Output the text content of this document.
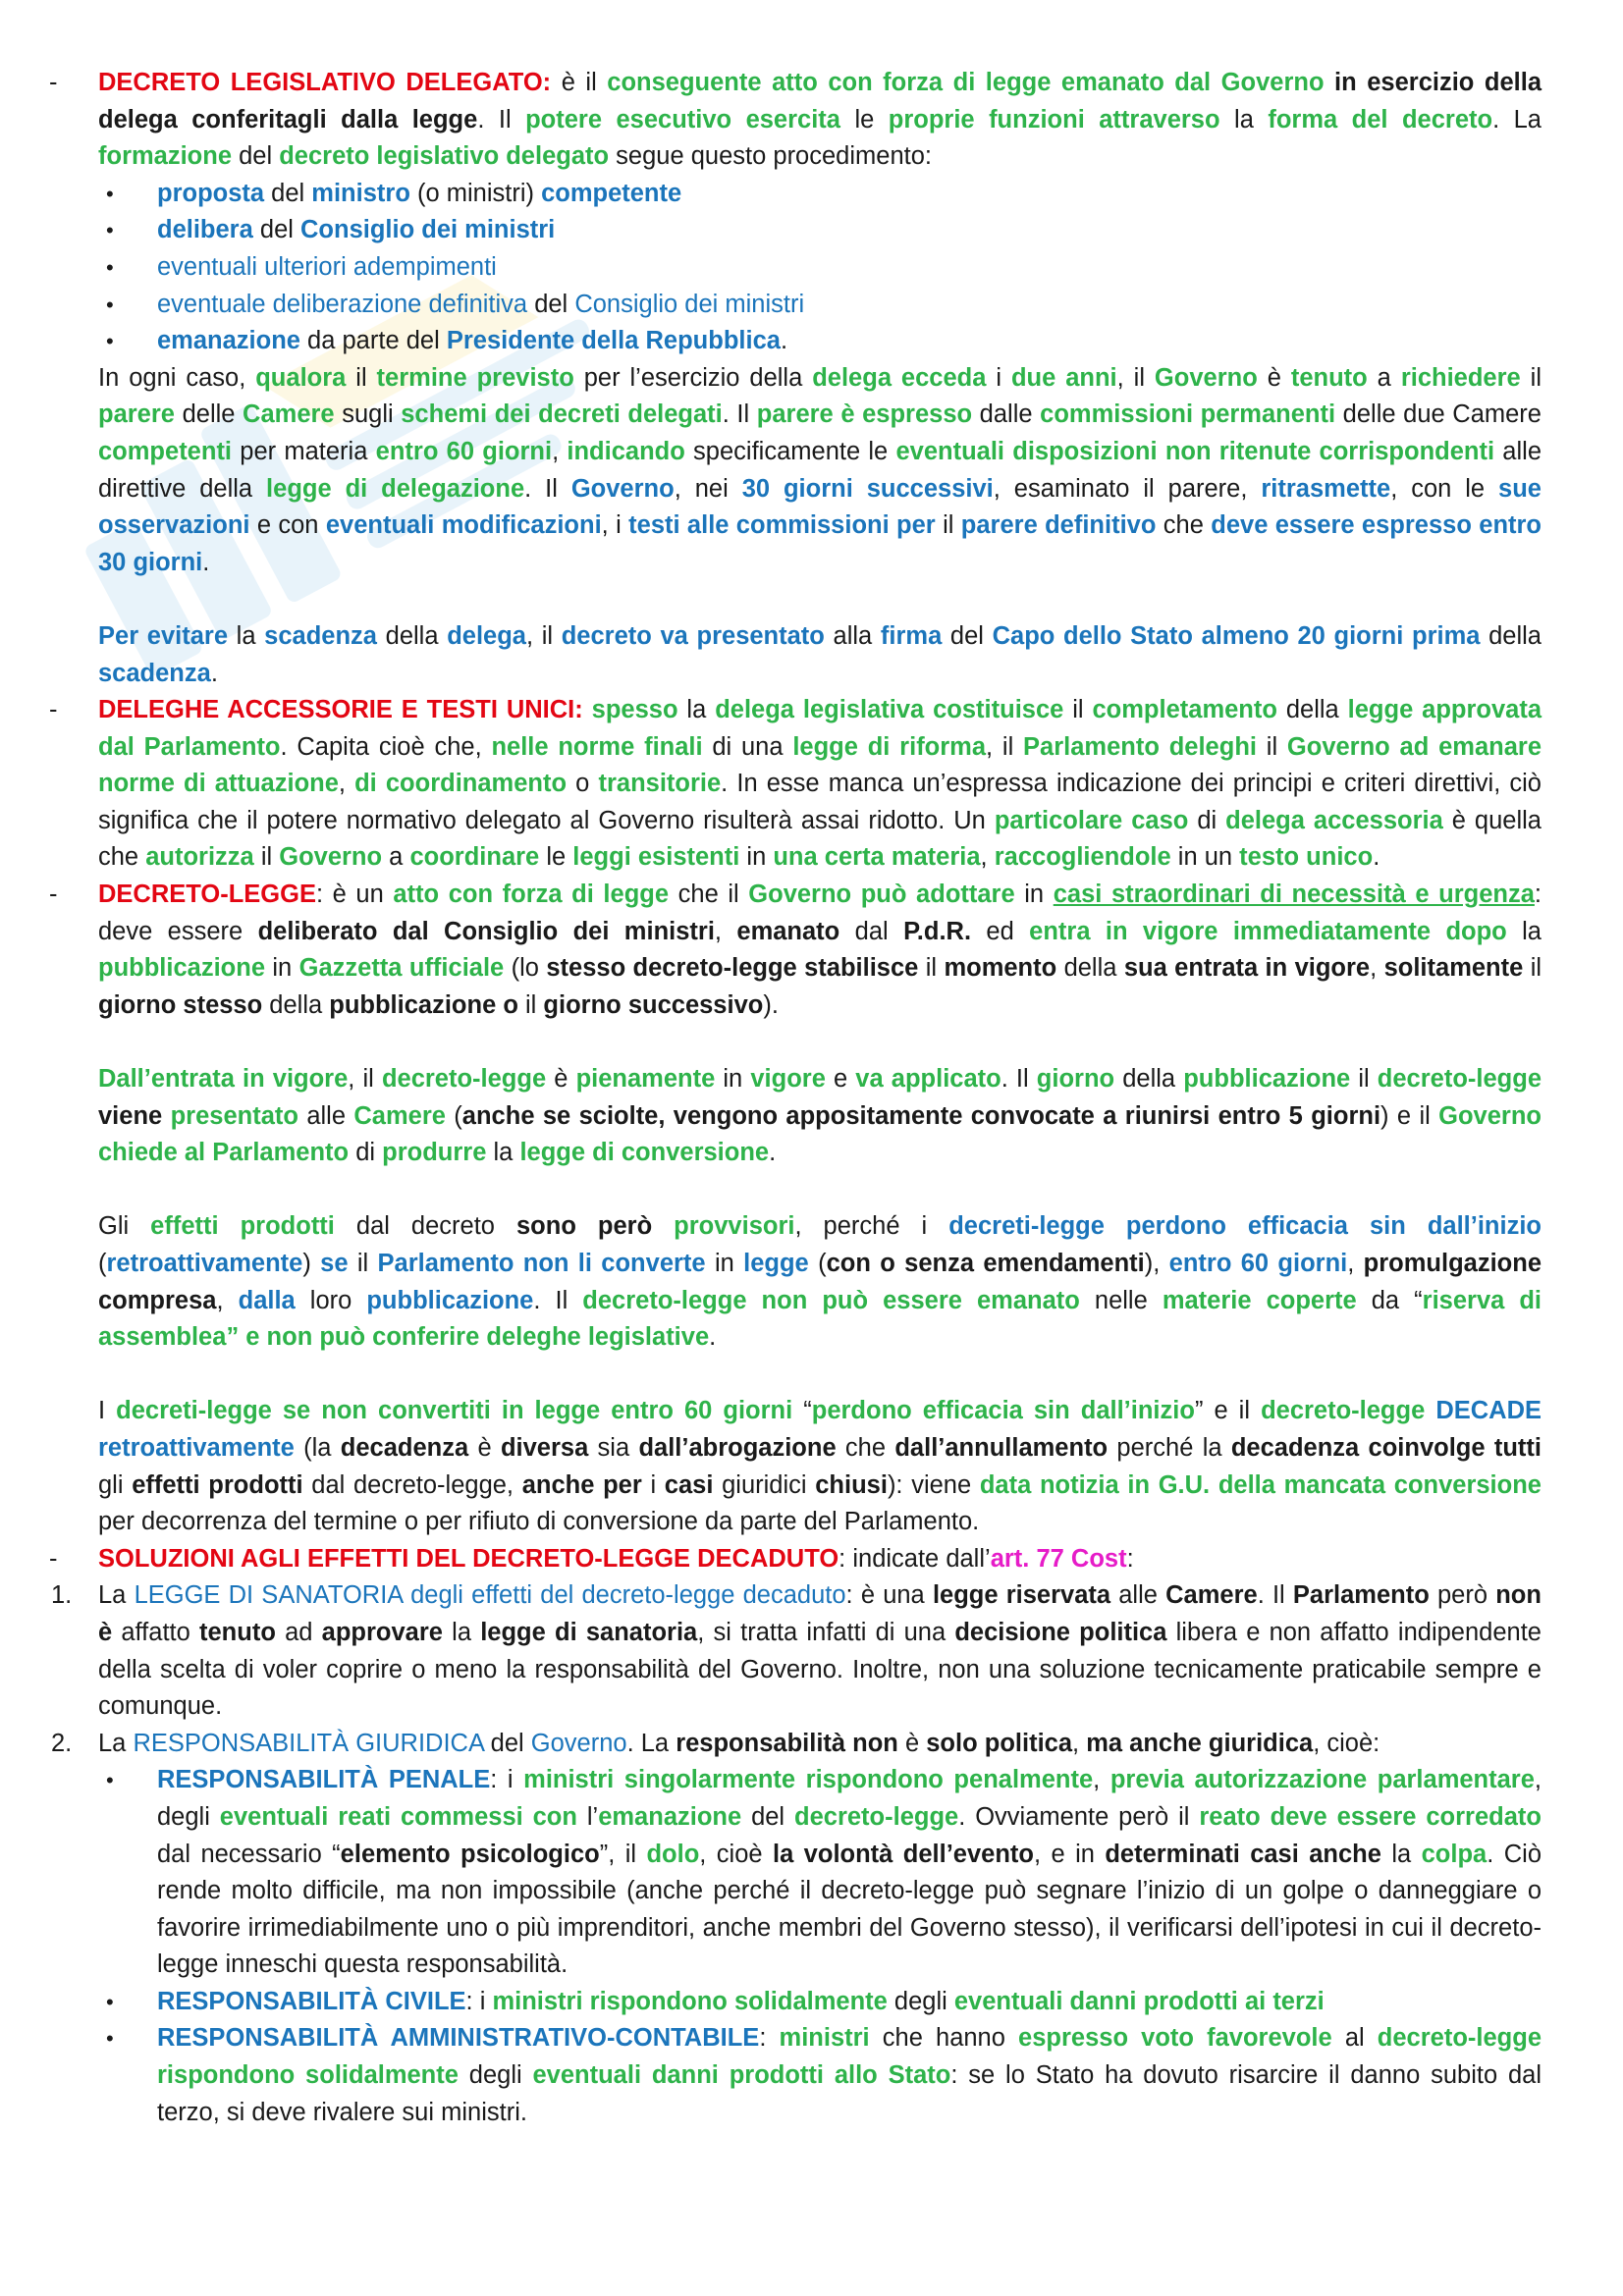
- DECRETO LEGISLATIVO DELEGATO: è il conseguente atto con forza di legge emanato dal Governo in esercizio della delega conferitagli dalla legge. Il potere esecutivo esercita le proprie funzioni attraverso la forma del decreto. La formazione del decreto legislativo delegato segue questo procedimento:
• proposta del ministro (o ministri) competente
• delibera del Consiglio dei ministri
• eventuali ulteriori adempimenti
• eventuale deliberazione definitiva del Consiglio dei ministri
• emanazione da parte del Presidente della Repubblica.
In ogni caso, qualora il termine previsto per l’esercizio della delega ecceda i due anni, il Governo è tenuto a richiedere il parere delle Camere sugli schemi dei decreti delegati. Il parere è espresso dalle commissioni permanenti delle due Camere competenti per materia entro 60 giorni, indicando specificamente le eventuali disposizioni non ritenute corrispondenti alle direttive della legge di delegazione. Il Governo, nei 30 giorni successivi, esaminato il parere, ritrasmette, con le sue osservazioni e con eventuali modificazioni, i testi alle commissioni per il parere definitivo che deve essere espresso entro 30 giorni.
Per evitare la scadenza della delega, il decreto va presentato alla firma del Capo dello Stato almeno 20 giorni prima della scadenza.
- DELEGHE ACCESSORIE E TESTI UNICI: spesso la delega legislativa costituisce il completamento della legge approvata dal Parlamento. Capita cioè che, nelle norme finali di una legge di riforma, il Parlamento deleghi il Governo ad emanare norme di attuazione, di coordinamento o transitorie. In esse manca un’espressa indicazione dei principi e criteri direttivi, ciò significa che il potere normativo delegato al Governo risulterà assai ridotto. Un particolare caso di delega accessoria è quella che autorizza il Governo a coordinare le leggi esistenti in una certa materia, raccogliendole in un testo unico.
- DECRETO-LEGGE: è un atto con forza di legge che il Governo può adottare in casi straordinari di necessità e urgenza: deve essere deliberato dal Consiglio dei ministri, emanato dal P.d.R. ed entra in vigore immediatamente dopo la pubblicazione in Gazzetta ufficiale (lo stesso decreto-legge stabilisce il momento della sua entrata in vigore, solitamente il giorno stesso della pubblicazione o il giorno successivo).
Dall’entrata in vigore, il decreto-legge è pienamente in vigore e va applicato. Il giorno della pubblicazione il decreto-legge viene presentato alle Camere (anche se sciolte, vengono appositamente convocate a riunirsi entro 5 giorni) e il Governo chiede al Parlamento di produrre la legge di conversione.
Gli effetti prodotti dal decreto sono però provvisori, perché i decreti-legge perdono efficacia sin dall’inizio (retroattivamente) se il Parlamento non li converte in legge (con o senza emendamenti), entro 60 giorni, promulgazione compresa, dalla loro pubblicazione. Il decreto-legge non può essere emanato nelle materie coperte da “riserva di assemblea” e non può conferire deleghe legislative.
I decreti-legge se non convertiti in legge entro 60 giorni “perdono efficacia sin dall’inizio” e il decreto-legge DECADE retroattivamente (la decadenza è diversa sia dall’abrogazione che dall’annullamento perché la decadenza coinvolge tutti gli effetti prodotti dal decreto-legge, anche per i casi giuridici chiusi): viene data notizia in G.U. della mancata conversione per decorrenza del termine o per rifiuto di conversione da parte del Parlamento.
- SOLUZIONI AGLI EFFETTI DEL DECRETO-LEGGE DECADUTO: indicate dall’art. 77 Cost:
1. La LEGGE DI SANATORIA degli effetti del decreto-legge decaduto: è una legge riservata alle Camere. Il Parlamento però non è affatto tenuto ad approvare la legge di sanatoria, si tratta infatti di una decisione politica libera e non affatto indipendente della scelta di voler coprire o meno la responsabilità del Governo. Inoltre, non una soluzione tecnicamente praticabile sempre e comunque.
2. La RESPONSABILITÀ GIURIDICA del Governo. La responsabilità non è solo politica, ma anche giuridica, cioè:
• RESPONSABILITÀ PENALE: i ministri singolarmente rispondono penalmente, previa autorizzazione parlamentare, degli eventuali reati commessi con l’emanazione del decreto-legge. Ovviamente però il reato deve essere corredato dal necessario “elemento psicologico”, il dolo, cioè la volontà dell’evento, e in determinati casi anche la colpa. Ciò rende molto difficile, ma non impossibile (anche perché il decreto-legge può segnare l’inizio di un golpe o danneggiare o favorire irrimediabilmente uno o più imprenditori, anche membri del Governo stesso), il verificarsi dell’ipotesi in cui il decreto-legge inneschi questa responsabilità.
• RESPONSABILITÀ CIVILE: i ministri rispondono solidalmente degli eventuali danni prodotti ai terzi
• RESPONSABILITÀ AMMINISTRATIVO-CONTABILE: ministri che hanno espresso voto favorevole al decreto-legge rispondono solidalmente degli eventuali danni prodotti allo Stato: se lo Stato ha dovuto risarcire il danno subito dal terzo, si deve rivalere sui ministri.
